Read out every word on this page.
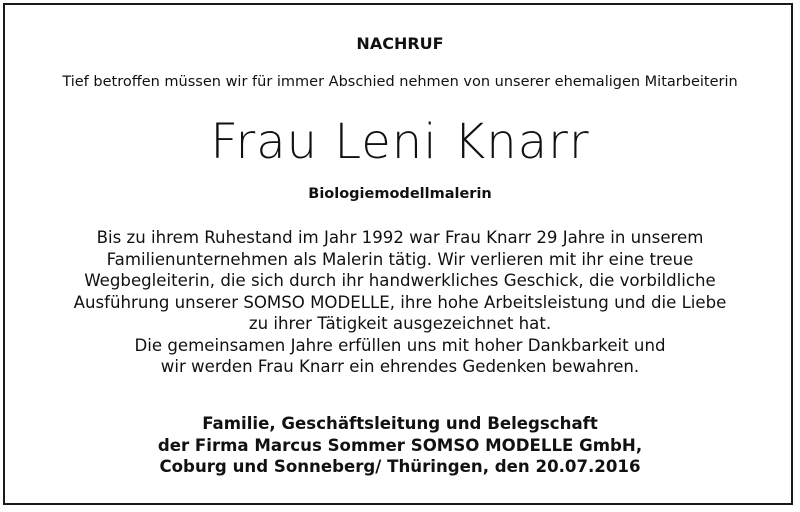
NACHRUF
Tief betroffen müssen wir für immer Abschied nehmen von unserer ehemaligen Mitarbeiterin
Frau Leni Knarr
Biologiemodellmalerin
Bis zu ihrem Ruhestand im Jahr 1992 war Frau Knarr 29 Jahre in unserem
Familienunternehmen als Malerin tätig. Wir verlieren mit ihr eine treue
Wegbegleiterin, die sich durch ihr handwerkliches Geschick, die vorbildliche
Ausführung unserer SOMSO MODELLE, ihre hohe Arbeitsleistung und die Liebe
zu ihrer Tätigkeit ausgezeichnet hat.
Die gemeinsamen Jahre erfüllen uns mit hoher Dankbarkeit und
wir werden Frau Knarr ein ehrendes Gedenken bewahren.
Familie, Geschäftsleitung und Belegschaft
der Firma Marcus Sommer SOMSO MODELLE GmbH,
Coburg und Sonneberg/ Thüringen, den 20.07.2016
